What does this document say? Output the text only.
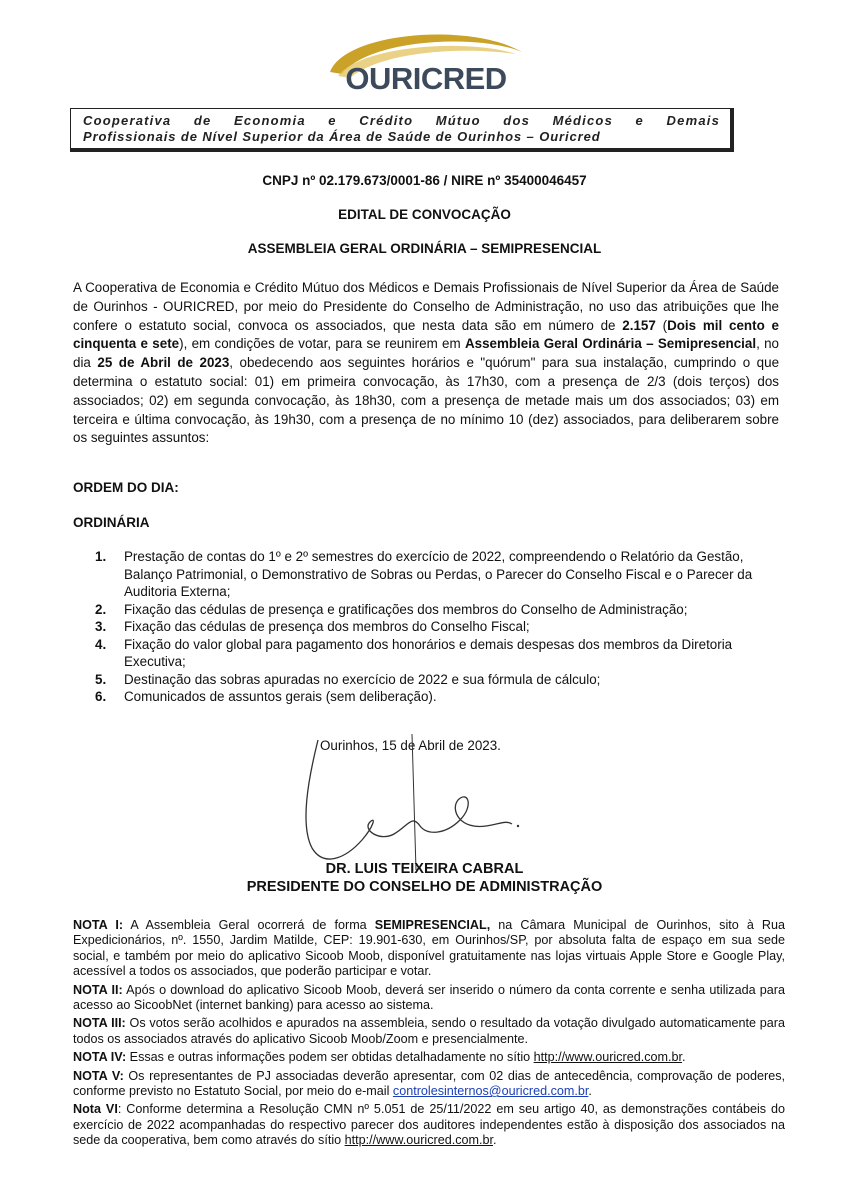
OURICRED
Cooperativa de Economia e Crédito Mútuo dos Médicos e Demais
Profissionais de Nível Superior da Área de Saúde de Ourinhos – Ouricred
CNPJ nº 02.179.673/0001-86 / NIRE nº 35400046457
EDITAL DE CONVOCAÇÃO
ASSEMBLEIA GERAL ORDINÁRIA – SEMIPRESENCIAL

A Cooperativa de Economia e Crédito Mútuo dos Médicos e Demais Profissionais de Nível Superior da Área de Saúde de Ourinhos - OURICRED, por meio do Presidente do Conselho de Administração, no uso das atribuições que lhe confere o estatuto social, convoca os associados, que nesta data são em número de 2.157 (Dois mil cento e cinquenta e sete), em condições de votar, para se reunirem em Assembleia Geral Ordinária – Semipresencial, no dia 25 de Abril de 2023, obedecendo aos seguintes horários e "quórum" para sua instalação, cumprindo o que determina o estatuto social: 01) em primeira convocação, às 17h30, com a presença de 2/3 (dois terços) dos associados; 02) em segunda convocação, às 18h30, com a presença de metade mais um dos associados; 03) em terceira e última convocação, às 19h30, com a presença de no mínimo 10 (dez) associados, para deliberarem sobre os seguintes assuntos:

ORDEM DO DIA:
ORDINÁRIA
1. Prestação de contas do 1º e 2º semestres do exercício de 2022, compreendendo o Relatório da Gestão, Balanço Patrimonial, o Demonstrativo de Sobras ou Perdas, o Parecer do Conselho Fiscal e o Parecer da Auditoria Externa;
2. Fixação das cédulas de presença e gratificações dos membros do Conselho de Administração;
3. Fixação das cédulas de presença dos membros do Conselho Fiscal;
4. Fixação do valor global para pagamento dos honorários e demais despesas dos membros da Diretoria Executiva;
5. Destinação das sobras apuradas no exercício de 2022 e sua fórmula de cálculo;
6. Comunicados de assuntos gerais (sem deliberação).
Ourinhos, 15 de Abril de 2023.
DR. LUIS TEIXEIRA CABRAL
PRESIDENTE DO CONSELHO DE ADMINISTRAÇÃO

NOTA I: A Assembleia Geral ocorrerá de forma SEMIPRESENCIAL, na Câmara Municipal de Ourinhos, sito à Rua Expedicionários, nº. 1550, Jardim Matilde, CEP: 19.901-630, em Ourinhos/SP, por absoluta falta de espaço em sua sede social, e também por meio do aplicativo Sicoob Moob, disponível gratuitamente nas lojas virtuais Apple Store e Google Play, acessível a todos os associados, que poderão participar e votar.

NOTA II: Após o download do aplicativo Sicoob Moob, deverá ser inserido o número da conta corrente e senha utilizada para acesso ao SicoobNet (internet banking) para acesso ao sistema.

NOTA III: Os votos serão acolhidos e apurados na assembleia, sendo o resultado da votação divulgado automaticamente para todos os associados através do aplicativo Sicoob Moob/Zoom e presencialmente.

NOTA IV: Essas e outras informações podem ser obtidas detalhadamente no sítio http://www.ouricred.com.br.

NOTA V: Os representantes de PJ associadas deverão apresentar, com 02 dias de antecedência, comprovação de poderes, conforme previsto no Estatuto Social, por meio do e-mail controlesinternos@ouricred.com.br.

Nota VI: Conforme determina a Resolução CMN nº 5.051 de 25/11/2022 em seu artigo 40, as demonstrações contábeis do exercício de 2022 acompanhadas do respectivo parecer dos auditores independentes estão à disposição dos associados na sede da cooperativa, bem como através do sítio http://www.ouricred.com.br.
